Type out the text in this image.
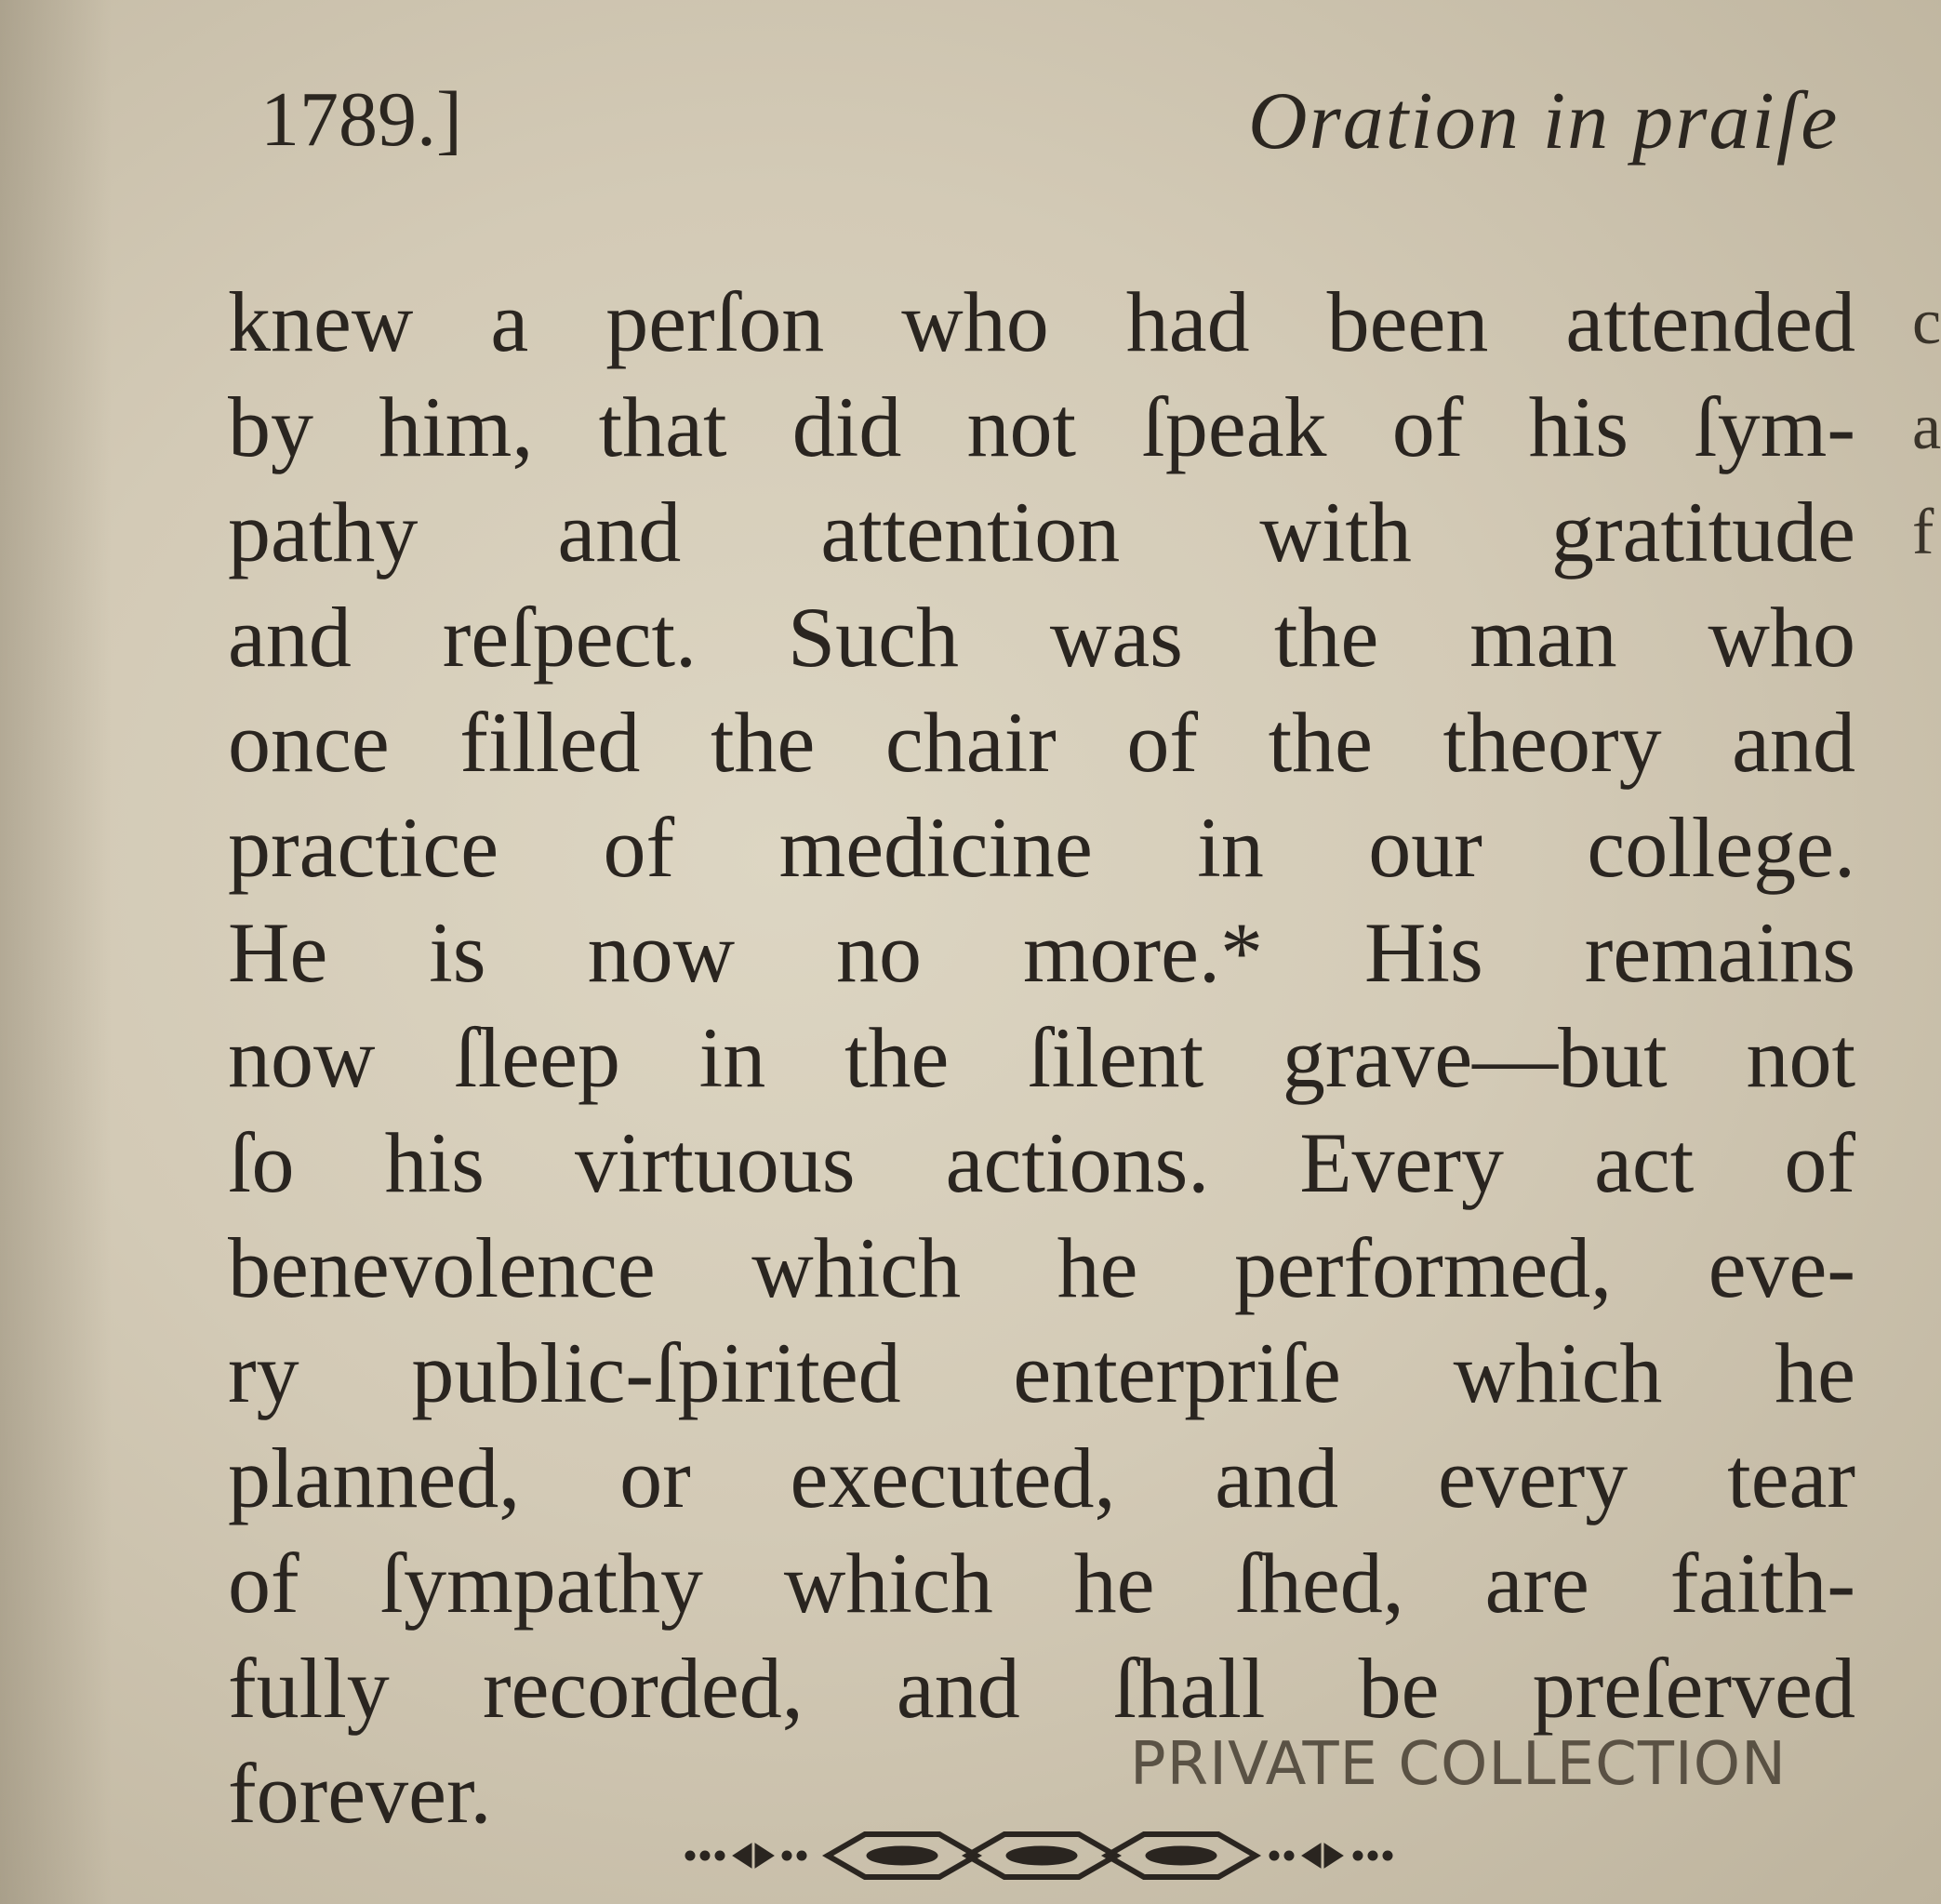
1789.]	Oration in praiſe
knew a perſon who had been attended
by him, that did not ſpeak of his ſym-
pathy and attention with gratitude
and reſpect. Such was the man who
once filled the chair of the theory and
practice of medicine in our college.
He is now no more.* His remains
now ſleep in the ſilent grave—but not
ſo his virtuous actions. Every act of
benevolence which he performed, eve-
ry public-ſpirited enterpriſe which he
planned, or executed, and every tear
of ſympathy which he ſhed, are faith-
fully recorded, and ſhall be preſerved
forever.
c
a
f
PRIVATE COLLECTION
